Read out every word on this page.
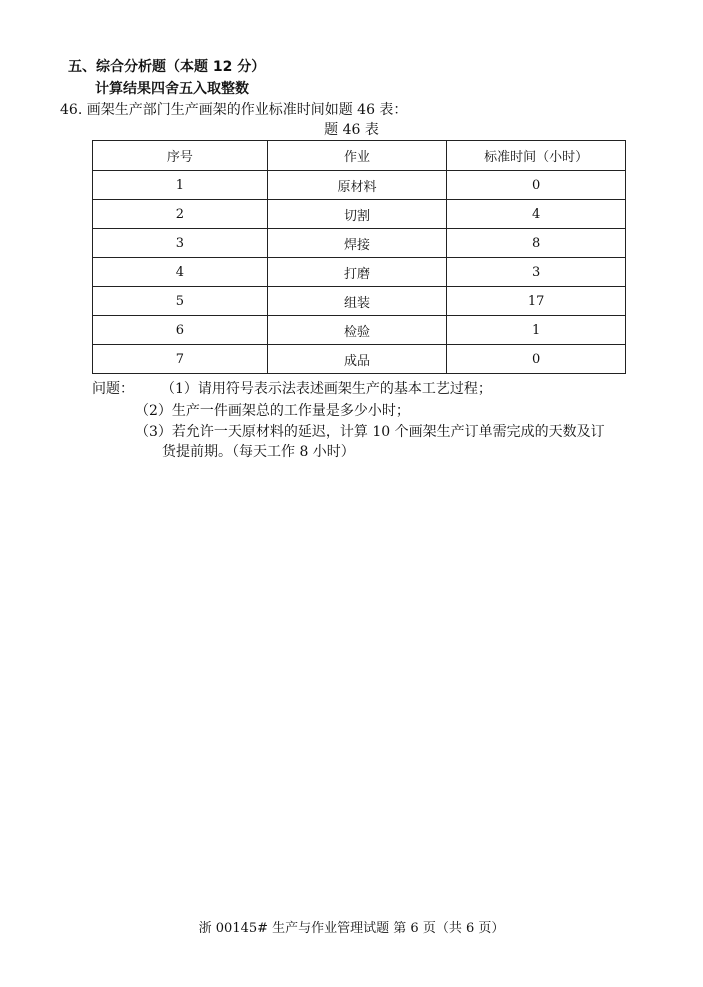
五、综合分析题（本题 12 分）
计算结果四舍五入取整数
46. 画架生产部门生产画架的作业标准时间如题 46 表：
题 46 表
序号	作业	标准时间（小时）
1	原材料	0
2	切割	4
3	焊接	8
4	打磨	3
5	组装	17
6	检验	1
7	成品	0
问题： （1）请用符号表示法表述画架生产的基本工艺过程；
（2）生产一件画架总的工作量是多少小时；
（3）若允许一天原材料的延迟，计算 10 个画架生产订单需完成的天数及订
货提前期。（每天工作 8 小时）
浙 00145# 生产与作业管理试题 第 6 页（共 6 页）
